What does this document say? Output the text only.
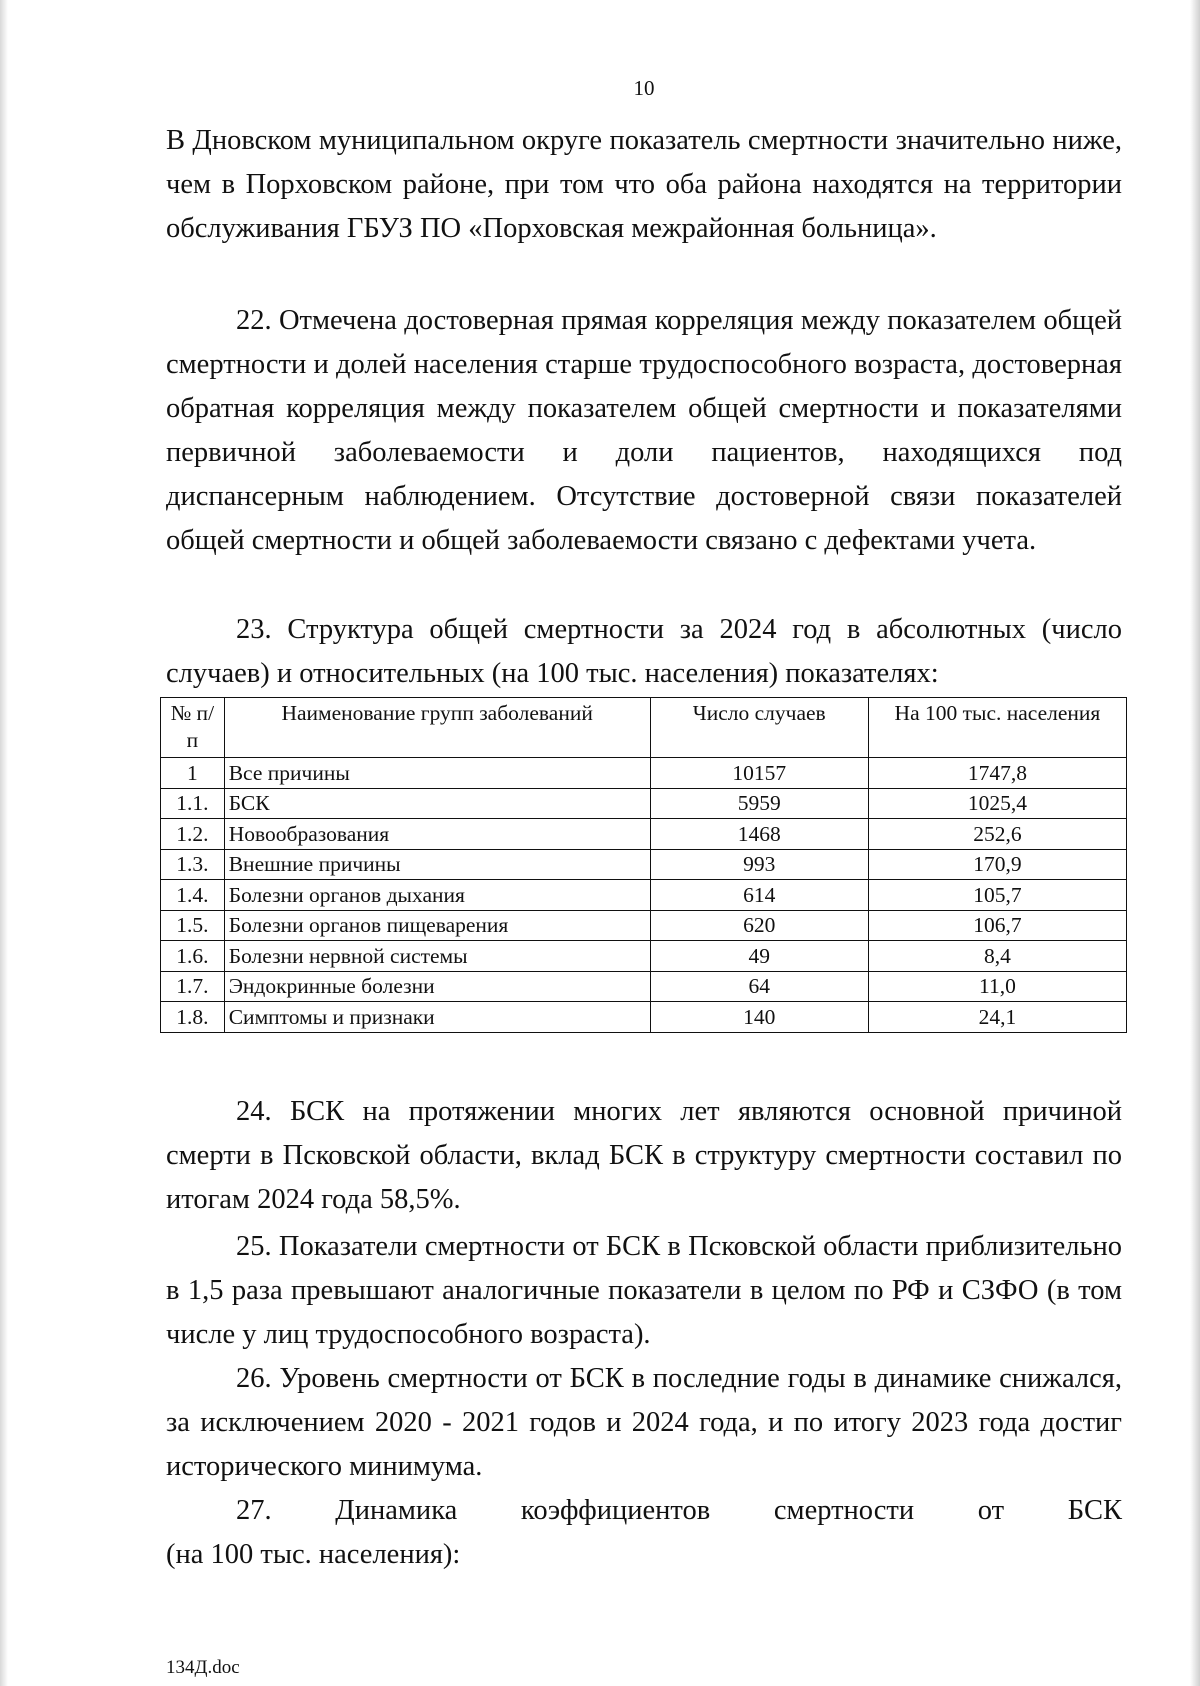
10

В Дновском муниципальном округе показатель смертности значительно ниже, чем в Порховском районе, при том что оба района находятся на территории обслуживания ГБУЗ ПО «Порховская межрайонная больница».

22. Отмечена достоверная прямая корреляция между показателем общей смертности и долей населения старше трудоспособного возраста, достоверная обратная корреляция между показателем общей смертности и показателями первичной заболеваемости и доли пациентов, находящихся под диспансерным наблюдением. Отсутствие достоверной связи показателей общей смертности и общей заболеваемости связано с дефектами учета.

23. Структура общей смертности за 2024 год в абсолютных (число случаев) и относительных (на 100 тыс. населения) показателях:

№ п/п	Наименование групп заболеваний	Число случаев	На 100 тыс. населения
1	Все причины	10157	1747,8
1.1.	БСК	5959	1025,4
1.2.	Новообразования	1468	252,6
1.3.	Внешние причины	993	170,9
1.4.	Болезни органов дыхания	614	105,7
1.5.	Болезни органов пищеварения	620	106,7
1.6.	Болезни нервной системы	49	8,4
1.7.	Эндокринные болезни	64	11,0
1.8.	Симптомы и признаки	140	24,1

24. БСК на протяжении многих лет являются основной причиной смерти в Псковской области, вклад БСК в структуру смертности составил по итогам 2024 года 58,5%.

25. Показатели смертности от БСК в Псковской области приблизительно в 1,5 раза превышают аналогичные показатели в целом по РФ и СЗФО (в том числе у лиц трудоспособного возраста).

26. Уровень смертности от БСК в последние годы в динамике снижался, за исключением 2020 - 2021 годов и 2024 года, и по итогу 2023 года достиг исторического минимума.

27. Динамика коэффициентов смертности от БСК
(на 100 тыс. населения):
134Д.doc
